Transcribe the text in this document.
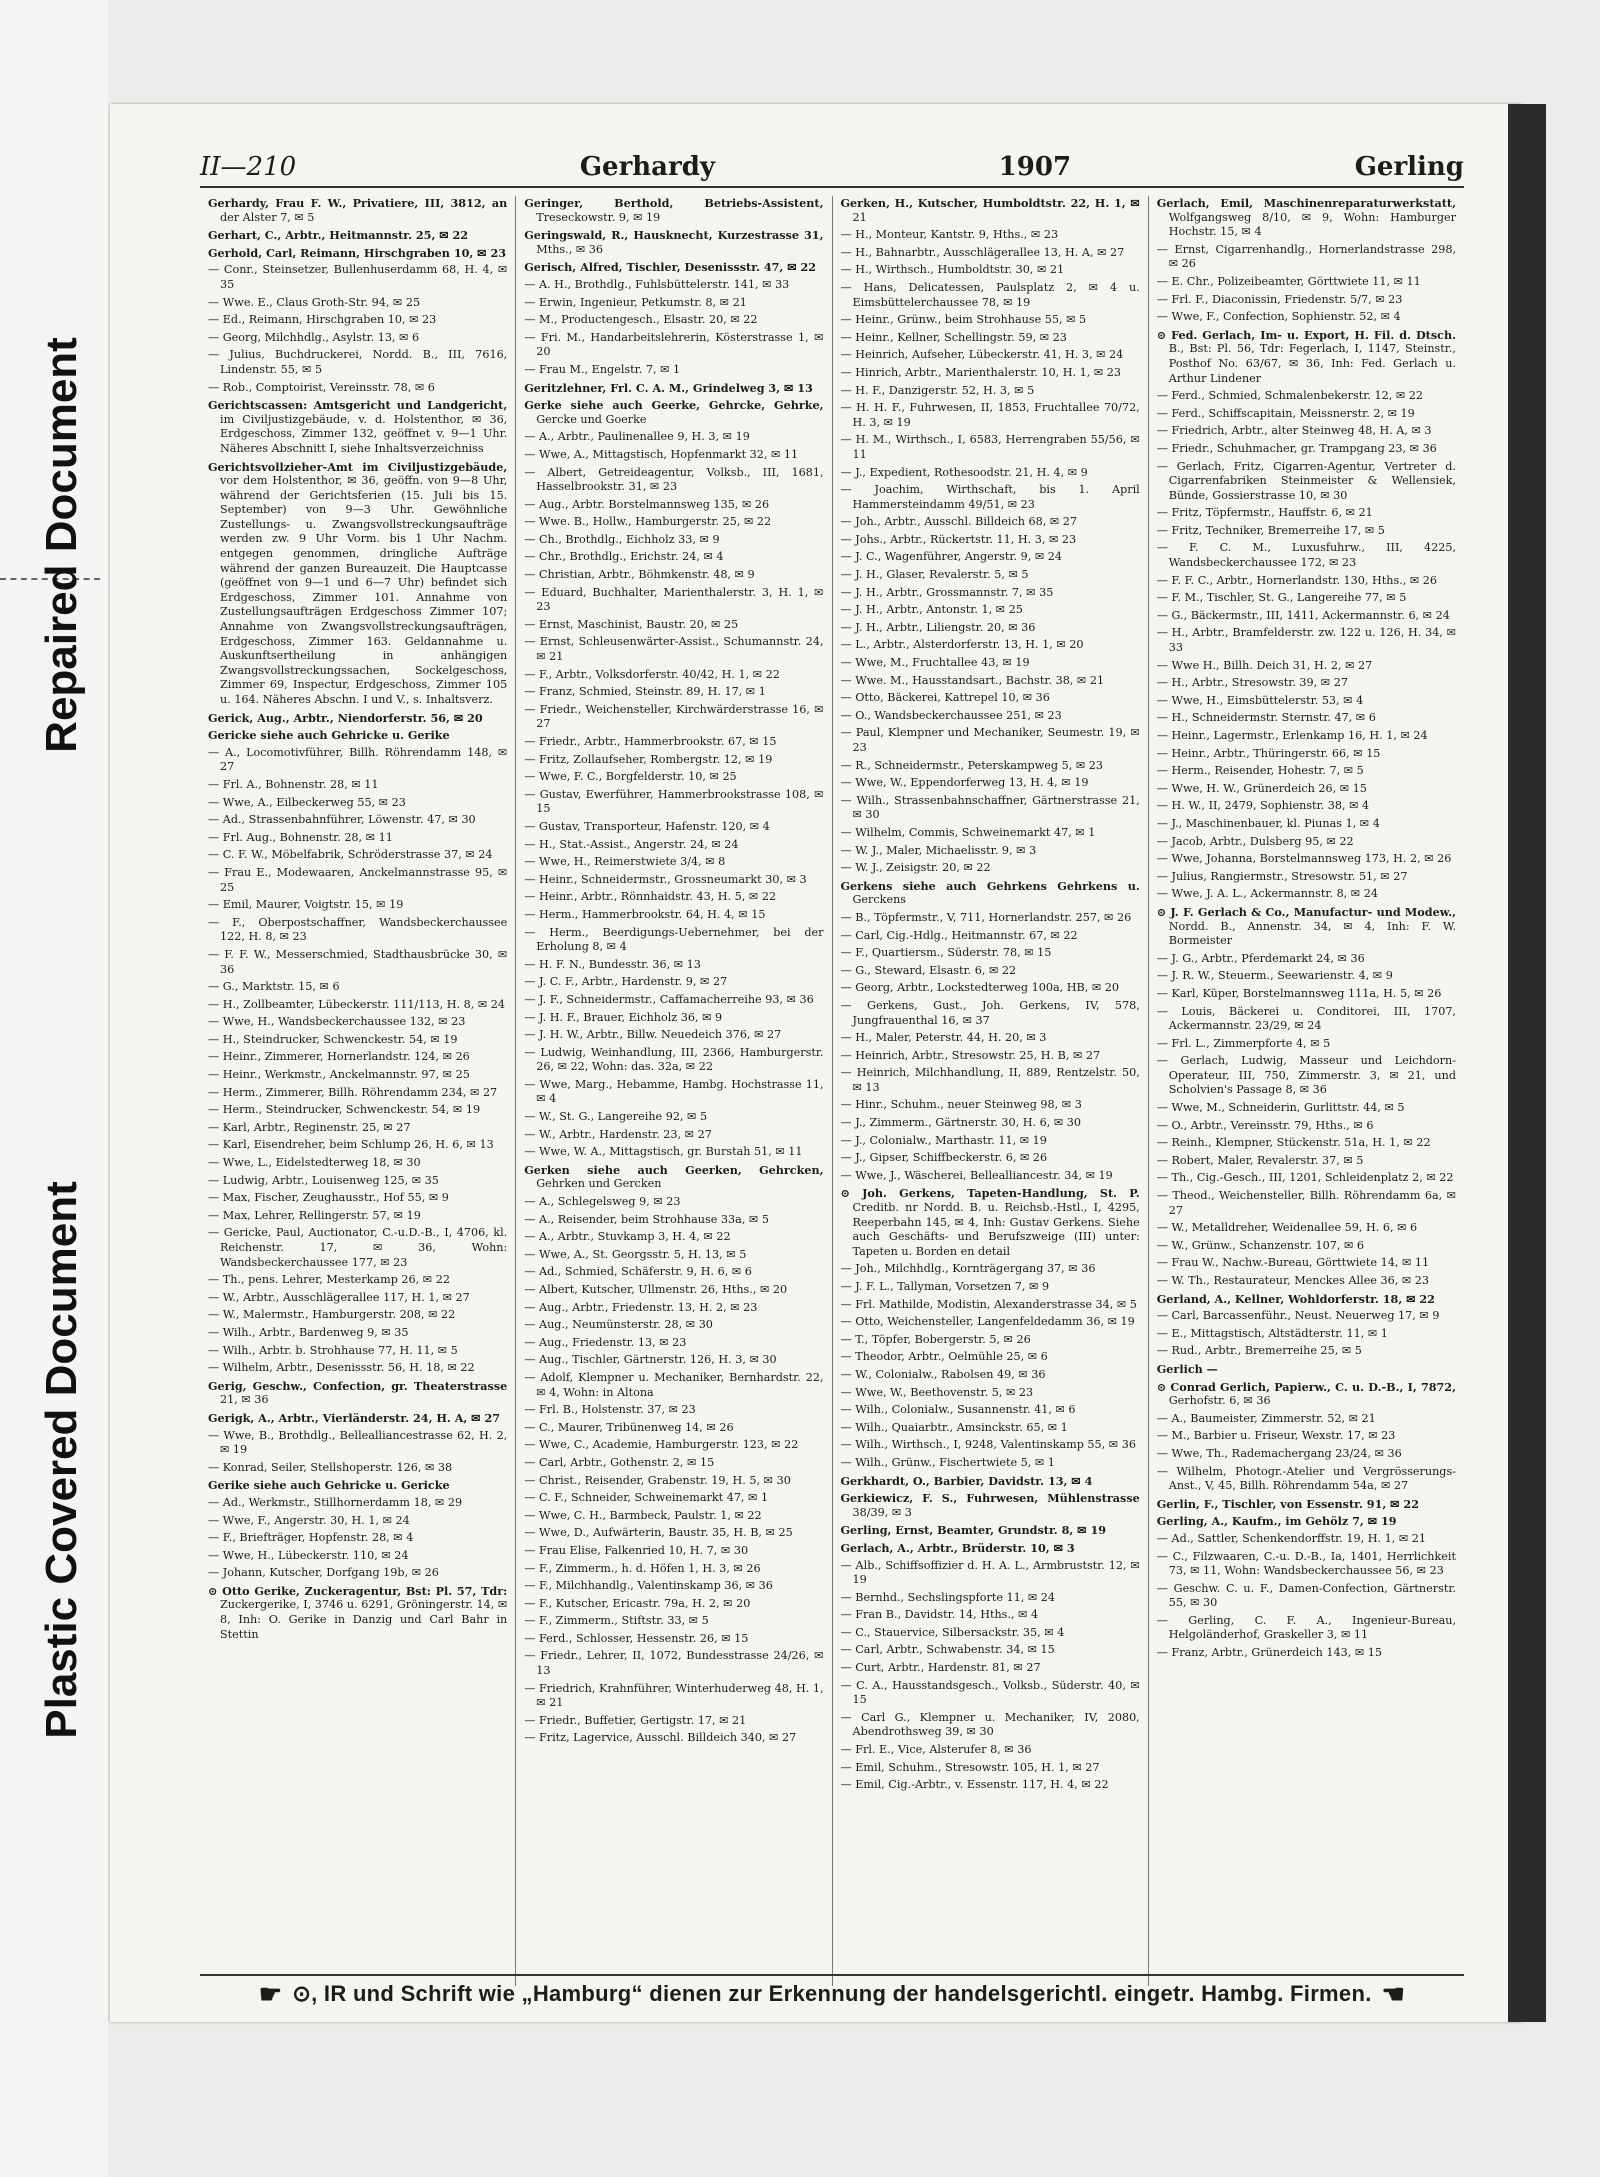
Repaired Document
Plastic Covered Document
II—210	Gerhardy	1907	Gerling

Gerhardy, Frau F. W., Privatiere, III, 3812, an der Alster 7, ✉ 5

Gerhart, C., Arbtr., Heitmannstr. 25, ✉ 22

Gerhold, Carl, Reimann, Hirschgraben 10, ✉ 23

— Conr., Steinsetzer, Bullenhuserdamm 68, H. 4, ✉ 35

— Wwe. E., Claus Groth-Str. 94, ✉ 25

— Ed., Reimann, Hirschgraben 10, ✉ 23

— Georg, Milchhdlg., Asylstr. 13, ✉ 6

— Julius, Buchdruckerei, Nordd. B., III, 7616, Lindenstr. 55, ✉ 5

— Rob., Comptoirist, Vereinsstr. 78, ✉ 6

Gerichtscassen: Amtsgericht und Landgericht, im Civiljustizgebäude, v. d. Holstenthor, ✉ 36, Erdgeschoss, Zimmer 132, geöffnet v. 9—1 Uhr. Näheres Abschnitt I, siehe Inhaltsverzeichniss

Gerichtsvollzieher-Amt im Civiljustizgebäude, vor dem Holstenthor, ✉ 36, geöffn. von 9—8 Uhr, während der Gerichtsferien (15. Juli bis 15. September) von 9—3 Uhr. Gewöhnliche Zustellungs- u. Zwangsvollstreckungsaufträge werden zw. 9 Uhr Vorm. bis 1 Uhr Nachm. entgegen genommen, dringliche Aufträge während der ganzen Bureauzeit. Die Hauptcasse (geöffnet von 9—1 und 6—7 Uhr) befindet sich Erdgeschoss, Zimmer 101. Annahme von Zustellungsaufträgen Erdgeschoss Zimmer 107; Annahme von Zwangsvollstreckungsaufträgen, Erdgeschoss, Zimmer 163. Geldannahme u. Auskunftsertheilung in anhängigen Zwangsvollstreckungssachen, Sockelgeschoss, Zimmer 69, Inspectur, Erdgeschoss, Zimmer 105 u. 164. Näheres Abschn. I und V., s. Inhaltsverz.

Gerick, Aug., Arbtr., Niendorferstr. 56, ✉ 20

Gericke siehe auch Gehricke u. Gerike

— A., Locomotivführer, Billh. Röhrendamm 148, ✉ 27

— Frl. A., Bohnenstr. 28, ✉ 11

— Wwe, A., Eilbeckerweg 55, ✉ 23

— Ad., Strassenbahnführer, Löwenstr. 47, ✉ 30

— Frl. Aug., Bohnenstr. 28, ✉ 11

— C. F. W., Möbelfabrik, Schröderstrasse 37, ✉ 24

— Frau E., Modewaaren, Anckelmannstrasse 95, ✉ 25

— Emil, Maurer, Voigtstr. 15, ✉ 19

— F., Oberpostschaffner, Wandsbeckerchaussee 122, H. 8, ✉ 23

— F. F. W., Messerschmied, Stadthausbrücke 30, ✉ 36

— G., Marktstr. 15, ✉ 6

— H., Zollbeamter, Lübeckerstr. 111/113, H. 8, ✉ 24

— Wwe, H., Wandsbeckerchaussee 132, ✉ 23

— H., Steindrucker, Schwenckestr. 54, ✉ 19

— Heinr., Zimmerer, Hornerlandstr. 124, ✉ 26

— Heinr., Werkmstr., Anckelmannstr. 97, ✉ 25

— Herm., Zimmerer, Billh. Röhrendamm 234, ✉ 27

— Herm., Steindrucker, Schwenckestr. 54, ✉ 19

— Karl, Arbtr., Reginenstr. 25, ✉ 27

— Karl, Eisendreher, beim Schlump 26, H. 6, ✉ 13

— Wwe, L., Eidelstedterweg 18, ✉ 30

— Ludwig, Arbtr., Louisenweg 125, ✉ 35

— Max, Fischer, Zeughausstr., Hof 55, ✉ 9

— Max, Lehrer, Rellingerstr. 57, ✉ 19

— Gericke, Paul, Auctionator, C.-u.D.-B., I, 4706, kl. Reichenstr. 17, ✉ 36, Wohn: Wandsbeckerchaussee 177, ✉ 23

— Th., pens. Lehrer, Mesterkamp 26, ✉ 22

— W., Arbtr., Ausschlägerallee 117, H. 1, ✉ 27

— W., Malermstr., Hamburgerstr. 208, ✉ 22

— Wilh., Arbtr., Bardenweg 9, ✉ 35

— Wilh., Arbtr. b. Strohhause 77, H. 11, ✉ 5

— Wilhelm, Arbtr., Desenissstr. 56, H. 18, ✉ 22

Gerig, Geschw., Confection, gr. Theaterstrasse 21, ✉ 36

Gerigk, A., Arbtr., Vierländerstr. 24, H. A, ✉ 27

— Wwe, B., Brothdlg., Bellealliancestrasse 62, H. 2, ✉ 19

— Konrad, Seiler, Stellshoperstr. 126, ✉ 38

Gerike siehe auch Gehricke u. Gericke

— Ad., Werkmstr., Stillhornerdamm 18, ✉ 29

— Wwe, F., Angerstr. 30, H. 1, ✉ 24

— F., Briefträger, Hopfenstr. 28, ✉ 4

— Wwe, H., Lübeckerstr. 110, ✉ 24

— Johann, Kutscher, Dorfgang 19b, ✉ 26

⊙ Otto Gerike, Zuckeragentur, Bst: Pl. 57, Tdr: Zuckergerike, I, 3746 u. 6291, Gröningerstr. 14, ✉ 8, Inh: O. Gerike in Danzig und Carl Bahr in Stettin

Geringer, Berthold, Betriebs-Assistent, Treseckowstr. 9, ✉ 19

Geringswald, R., Hausknecht, Kurzestrasse 31, Mths., ✉ 36

Gerisch, Alfred, Tischler, Desenissstr. 47, ✉ 22

— A. H., Brothdlg., Fuhlsbüttelerstr. 141, ✉ 33

— Erwin, Ingenieur, Petkumstr. 8, ✉ 21

— M., Productengesch., Elsastr. 20, ✉ 22

— Fri. M., Handarbeitslehrerin, Kösterstrasse 1, ✉ 20

— Frau M., Engelstr. 7, ✉ 1

Geritzlehner, Frl. C. A. M., Grindelweg 3, ✉ 13

Gerke siehe auch Geerke, Gehrcke, Gehrke, Gercke und Goerke

— A., Arbtr., Paulinenallee 9, H. 3, ✉ 19

— Wwe, A., Mittagstisch, Hopfenmarkt 32, ✉ 11

— Albert, Getreideagentur, Volksb., III, 1681, Hasselbrookstr. 31, ✉ 23

— Aug., Arbtr. Borstelmannsweg 135, ✉ 26

— Wwe. B., Hollw., Hamburgerstr. 25, ✉ 22

— Ch., Brothdlg., Eichholz 33, ✉ 9

— Chr., Brothdlg., Erichstr. 24, ✉ 4

— Christian, Arbtr., Böhmkenstr. 48, ✉ 9

— Eduard, Buchhalter, Marienthalerstr. 3, H. 1, ✉ 23

— Ernst, Maschinist, Baustr. 20, ✉ 25

— Ernst, Schleusenwärter-Assist., Schumannstr. 24, ✉ 21

— F., Arbtr., Volksdorferstr. 40/42, H. 1, ✉ 22

— Franz, Schmied, Steinstr. 89, H. 17, ✉ 1

— Friedr., Weichensteller, Kirchwärderstrasse 16, ✉ 27

— Friedr., Arbtr., Hammerbrookstr. 67, ✉ 15

— Fritz, Zollaufseher, Rombergstr. 12, ✉ 19

— Wwe, F. C., Borgfelderstr. 10, ✉ 25

— Gustav, Ewerführer, Hammerbrookstrasse 108, ✉ 15

— Gustav, Transporteur, Hafenstr. 120, ✉ 4

— H., Stat.-Assist., Angerstr. 24, ✉ 24

— Wwe, H., Reimerstwiete 3/4, ✉ 8

— Heinr., Schneidermstr., Grossneumarkt 30, ✉ 3

— Heinr., Arbtr., Rönnhaidstr. 43, H. 5, ✉ 22

— Herm., Hammerbrookstr. 64, H. 4, ✉ 15

— Herm., Beerdigungs-Uebernehmer, bei der Erholung 8, ✉ 4

— H. F. N., Bundesstr. 36, ✉ 13

— J. C. F., Arbtr., Hardenstr. 9, ✉ 27

— J. F., Schneidermstr., Caffamacherreihe 93, ✉ 36

— J. H. F., Brauer, Eichholz 36, ✉ 9

— J. H. W., Arbtr., Billw. Neuedeich 376, ✉ 27

— Ludwig, Weinhandlung, III, 2366, Hamburgerstr. 26, ✉ 22, Wohn: das. 32a, ✉ 22

— Wwe, Marg., Hebamme, Hambg. Hochstrasse 11, ✉ 4

— W., St. G., Langereihe 92, ✉ 5

— W., Arbtr., Hardenstr. 23, ✉ 27

— Wwe, W. A., Mittagstisch, gr. Burstah 51, ✉ 11

Gerken siehe auch Geerken, Gehrcken, Gehrken und Gercken

— A., Schlegelsweg 9, ✉ 23

— A., Reisender, beim Strohhause 33a, ✉ 5

— A., Arbtr., Stuvkamp 3, H. 4, ✉ 22

— Wwe, A., St. Georgsstr. 5, H. 13, ✉ 5

— Ad., Schmied, Schäferstr. 9, H. 6, ✉ 6

— Albert, Kutscher, Ullmenstr. 26, Hths., ✉ 20

— Aug., Arbtr., Friedenstr. 13, H. 2, ✉ 23

— Aug., Neumünsterstr. 28, ✉ 30

— Aug., Friedenstr. 13, ✉ 23

— Aug., Tischler, Gärtnerstr. 126, H. 3, ✉ 30

— Adolf, Klempner u. Mechaniker, Bernhardstr. 22, ✉ 4, Wohn: in Altona

— Frl. B., Holstenstr. 37, ✉ 23

— C., Maurer, Tribünenweg 14, ✉ 26

— Wwe, C., Academie, Hamburgerstr. 123, ✉ 22

— Carl, Arbtr., Gothenstr. 2, ✉ 15

— Christ., Reisender, Grabenstr. 19, H. 5, ✉ 30

— C. F., Schneider, Schweinemarkt 47, ✉ 1

— Wwe, C. H., Barmbeck, Paulstr. 1, ✉ 22

— Wwe, D., Aufwärterin, Baustr. 35, H. B, ✉ 25

— Frau Elise, Falkenried 10, H. 7, ✉ 30

— F., Zimmerm., h. d. Höfen 1, H. 3, ✉ 26

— F., Milchhandlg., Valentinskamp 36, ✉ 36

— F., Kutscher, Ericastr. 79a, H. 2, ✉ 20

— F., Zimmerm., Stiftstr. 33, ✉ 5

— Ferd., Schlosser, Hessenstr. 26, ✉ 15

— Friedr., Lehrer, II, 1072, Bundesstrasse 24/26, ✉ 13

— Friedrich, Krahnführer, Winterhuderweg 48, H. 1, ✉ 21

— Friedr., Buffetier, Gertigstr. 17, ✉ 21

— Fritz, Lagervice, Ausschl. Billdeich 340, ✉ 27

Gerken, H., Kutscher, Humboldtstr. 22, H. 1, ✉ 21

— H., Monteur, Kantstr. 9, Hths., ✉ 23

— H., Bahnarbtr., Ausschlägerallee 13, H. A, ✉ 27

— H., Wirthsch., Humboldtstr. 30, ✉ 21

— Hans, Delicatessen, Paulsplatz 2, ✉ 4 u. Eimsbüttelerchaussee 78, ✉ 19

— Heinr., Grünw., beim Strohhause 55, ✉ 5

— Heinr., Kellner, Schellingstr. 59, ✉ 23

— Heinrich, Aufseher, Lübeckerstr. 41, H. 3, ✉ 24

— Hinrich, Arbtr., Marienthalerstr. 10, H. 1, ✉ 23

— H. F., Danzigerstr. 52, H. 3, ✉ 5

— H. H. F., Fuhrwesen, II, 1853, Fruchtallee 70/72, H. 3, ✉ 19

— H. M., Wirthsch., I, 6583, Herrengraben 55/56, ✉ 11

— J., Expedient, Rothesoodstr. 21, H. 4, ✉ 9

— Joachim, Wirthschaft, bis 1. April Hammersteindamm 49/51, ✉ 23

— Joh., Arbtr., Ausschl. Billdeich 68, ✉ 27

— Johs., Arbtr., Rückertstr. 11, H. 3, ✉ 23

— J. C., Wagenführer, Angerstr. 9, ✉ 24

— J. H., Glaser, Revalerstr. 5, ✉ 5

— J. H., Arbtr., Grossmannstr. 7, ✉ 35

— J. H., Arbtr., Antonstr. 1, ✉ 25

— J. H., Arbtr., Liliengstr. 20, ✉ 36

— L., Arbtr., Alsterdorferstr. 13, H. 1, ✉ 20

— Wwe, M., Fruchtallee 43, ✉ 19

— Wwe. M., Hausstandsart., Bachstr. 38, ✉ 21

— Otto, Bäckerei, Kattrepel 10, ✉ 36

— O., Wandsbeckerchaussee 251, ✉ 23

— Paul, Klempner und Mechaniker, Seumestr. 19, ✉ 23

— R., Schneidermstr., Peterskampweg 5, ✉ 23

— Wwe, W., Eppendorferweg 13, H. 4, ✉ 19

— Wilh., Strassenbahnschaffner, Gärtnerstrasse 21, ✉ 30

— Wilhelm, Commis, Schweinemarkt 47, ✉ 1

— W. J., Maler, Michaelisstr. 9, ✉ 3

— W. J., Zeisigstr. 20, ✉ 22

Gerkens siehe auch Gehrkens Gehrkens u. Gerckens

— B., Töpfermstr., V, 711, Hornerlandstr. 257, ✉ 26

— Carl, Cig.-Hdlg., Heitmannstr. 67, ✉ 22

— F., Quartiersm., Süderstr. 78, ✉ 15

— G., Steward, Elsastr. 6, ✉ 22

— Georg, Arbtr., Lockstedterweg 100a, HB, ✉ 20

— Gerkens, Gust., Joh. Gerkens, IV, 578, Jungfrauenthal 16, ✉ 37

— H., Maler, Peterstr. 44, H. 20, ✉ 3

— Heinrich, Arbtr., Stresowstr. 25, H. B, ✉ 27

— Heinrich, Milchhandlung, II, 889, Rentzelstr. 50, ✉ 13

— Hinr., Schuhm., neuer Steinweg 98, ✉ 3

— J., Zimmerm., Gärtnerstr. 30, H. 6, ✉ 30

— J., Colonialw., Marthastr. 11, ✉ 19

— J., Gipser, Schiffbeckerstr. 6, ✉ 26

— Wwe, J., Wäscherei, Bellealliancestr. 34, ✉ 19

⊙ Joh. Gerkens, Tapeten-Handlung, St. P. Creditb. nr Nordd. B. u. Reichsb.-Hstl., I, 4295, Reeperbahn 145, ✉ 4, Inh: Gustav Gerkens. Siehe auch Geschäfts- und Berufszweige (III) unter: Tapeten u. Borden en detail

— Joh., Milchhdlg., Kornträgergang 37, ✉ 36

— J. F. L., Tallyman, Vorsetzen 7, ✉ 9

— Frl. Mathilde, Modistin, Alexanderstrasse 34, ✉ 5

— Otto, Weichensteller, Langenfeldedamm 36, ✉ 19

— T., Töpfer, Bobergerstr. 5, ✉ 26

— Theodor, Arbtr., Oelmühle 25, ✉ 6

— W., Colonialw., Rabolsen 49, ✉ 36

— Wwe, W., Beethovenstr. 5, ✉ 23

— Wilh., Colonialw., Susannenstr. 41, ✉ 6

— Wilh., Quaiarbtr., Amsinckstr. 65, ✉ 1

— Wilh., Wirthsch., I, 9248, Valentinskamp 55, ✉ 36

— Wilh., Grünw., Fischertwiete 5, ✉ 1

Gerkhardt, O., Barbier, Davidstr. 13, ✉ 4

Gerkiewicz, F. S., Fuhrwesen, Mühlenstrasse 38/39, ✉ 3

Gerling, Ernst, Beamter, Grundstr. 8, ✉ 19

Gerlach, A., Arbtr., Brüderstr. 10, ✉ 3

— Alb., Schiffsoffizier d. H. A. L., Armbruststr. 12, ✉ 19

— Bernhd., Sechslingspforte 11, ✉ 24

— Fran B., Davidstr. 14, Hths., ✉ 4

— C., Stauervice, Silbersackstr. 35, ✉ 4

— Carl, Arbtr., Schwabenstr. 34, ✉ 15

— Curt, Arbtr., Hardenstr. 81, ✉ 27

— C. A., Hausstandsgesch., Volksb., Süderstr. 40, ✉ 15

— Carl G., Klempner u. Mechaniker, IV, 2080, Abendrothsweg 39, ✉ 30

— Frl. E., Vice, Alsterufer 8, ✉ 36

— Emil, Schuhm., Stresowstr. 105, H. 1, ✉ 27

— Emil, Cig.-Arbtr., v. Essenstr. 117, H. 4, ✉ 22

Gerlach, Emil, Maschinenreparaturwerkstatt, Wolfgangsweg 8/10, ✉ 9, Wohn: Hamburger Hochstr. 15, ✉ 4

— Ernst, Cigarrenhandlg., Hornerlandstrasse 298, ✉ 26

— E. Chr., Polizeibeamter, Görttwiete 11, ✉ 11

— Frl. F., Diaconissin, Friedenstr. 5/7, ✉ 23

— Wwe, F., Confection, Sophienstr. 52, ✉ 4

⊙ Fed. Gerlach, Im- u. Export, H. Fil. d. Dtsch. B., Bst: Pl. 56, Tdr: Fegerlach, I, 1147, Steinstr., Posthof No. 63/67, ✉ 36, Inh: Fed. Gerlach u. Arthur Lindener

— Ferd., Schmied, Schmalenbekerstr. 12, ✉ 22

— Ferd., Schiffscapitain, Meissnerstr. 2, ✉ 19

— Friedrich, Arbtr., alter Steinweg 48, H. A, ✉ 3

— Friedr., Schuhmacher, gr. Trampgang 23, ✉ 36

— Gerlach, Fritz, Cigarren-Agentur, Vertreter d. Cigarrenfabriken Steinmeister & Wellensiek, Bünde, Gossierstrasse 10, ✉ 30

— Fritz, Töpfermstr., Hauffstr. 6, ✉ 21

— Fritz, Techniker, Bremerreihe 17, ✉ 5

— F. C. M., Luxusfuhrw., III, 4225, Wandsbeckerchaussee 172, ✉ 23

— F. F. C., Arbtr., Hornerlandstr. 130, Hths., ✉ 26

— F. M., Tischler, St. G., Langereihe 77, ✉ 5

— G., Bäckermstr., III, 1411, Ackermannstr. 6, ✉ 24

— H., Arbtr., Bramfelderstr. zw. 122 u. 126, H. 34, ✉ 33

— Wwe H., Billh. Deich 31, H. 2, ✉ 27

— H., Arbtr., Stresowstr. 39, ✉ 27

— Wwe, H., Eimsbüttelerstr. 53, ✉ 4

— H., Schneidermstr. Sternstr. 47, ✉ 6

— Heinr., Lagermstr., Erlenkamp 16, H. 1, ✉ 24

— Heinr., Arbtr., Thüringerstr. 66, ✉ 15

— Herm., Reisender, Hohestr. 7, ✉ 5

— Wwe, H. W., Grünerdeich 26, ✉ 15

— H. W., II, 2479, Sophienstr. 38, ✉ 4

— J., Maschinenbauer, kl. Piunas 1, ✉ 4

— Jacob, Arbtr., Dulsberg 95, ✉ 22

— Wwe, Johanna, Borstelmannsweg 173, H. 2, ✉ 26

— Julius, Rangiermstr., Stresowstr. 51, ✉ 27

— Wwe, J. A. L., Ackermannstr. 8, ✉ 24

⊙ J. F. Gerlach & Co., Manufactur- und Modew., Nordd. B., Annenstr. 34, ✉ 4, Inh: F. W. Bormeister

— J. G., Arbtr., Pferdemarkt 24, ✉ 36

— J. R. W., Steuerm., Seewarienstr. 4, ✉ 9

— Karl, Küper, Borstelmannsweg 111a, H. 5, ✉ 26

— Louis, Bäckerei u. Conditorei, III, 1707, Ackermannstr. 23/29, ✉ 24

— Frl. L., Zimmerpforte 4, ✉ 5

— Gerlach, Ludwig, Masseur und Leichdorn-Operateur, III, 750, Zimmerstr. 3, ✉ 21, und Scholvien's Passage 8, ✉ 36

— Wwe, M., Schneiderin, Gurlittstr. 44, ✉ 5

— O., Arbtr., Vereinsstr. 79, Hths., ✉ 6

— Reinh., Klempner, Stückenstr. 51a, H. 1, ✉ 22

— Robert, Maler, Revalerstr. 37, ✉ 5

— Th., Cig.-Gesch., III, 1201, Schleidenplatz 2, ✉ 22

— Theod., Weichensteller, Billh. Röhrendamm 6a, ✉ 27

— W., Metalldreher, Weidenallee 59, H. 6, ✉ 6

— W., Grünw., Schanzenstr. 107, ✉ 6

— Frau W., Nachw.-Bureau, Görttwiete 14, ✉ 11

— W. Th., Restaurateur, Menckes Allee 36, ✉ 23

Gerland, A., Kellner, Wohldorferstr. 18, ✉ 22

— Carl, Barcassenführ., Neust. Neuerweg 17, ✉ 9

— E., Mittagstisch, Altstädterstr. 11, ✉ 1

— Rud., Arbtr., Bremerreihe 25, ✉ 5

Gerlich —

⊙ Conrad Gerlich, Papierw., C. u. D.-B., I, 7872, Gerhofstr. 6, ✉ 36

— A., Baumeister, Zimmerstr. 52, ✉ 21

— M., Barbier u. Friseur, Wexstr. 17, ✉ 23

— Wwe, Th., Rademachergang 23/24, ✉ 36

— Wilhelm, Photogr.-Atelier und Vergrösserungs-Anst., V, 45, Billh. Röhrendamm 54a, ✉ 27

Gerlin, F., Tischler, von Essenstr. 91, ✉ 22

Gerling, A., Kaufm., im Gehölz 7, ✉ 19

— Ad., Sattler, Schenkendorffstr. 19, H. 1, ✉ 21

— C., Filzwaaren, C.-u. D.-B., Ia, 1401, Herrlichkeit 73, ✉ 11, Wohn: Wandsbeckerchaussee 56, ✉ 23

— Geschw. C. u. F., Damen-Confection, Gärtnerstr. 55, ✉ 30

— Gerling, C. F. A., Ingenieur-Bureau, Helgoländerhof, Graskeller 3, ✉ 11

— Franz, Arbtr., Grünerdeich 143, ✉ 15

☛ ⊙, IR und Schrift wie „Hamburg“ dienen zur Erkennung der handelsgerichtl. eingetr. Hambg. Firmen. ☚
